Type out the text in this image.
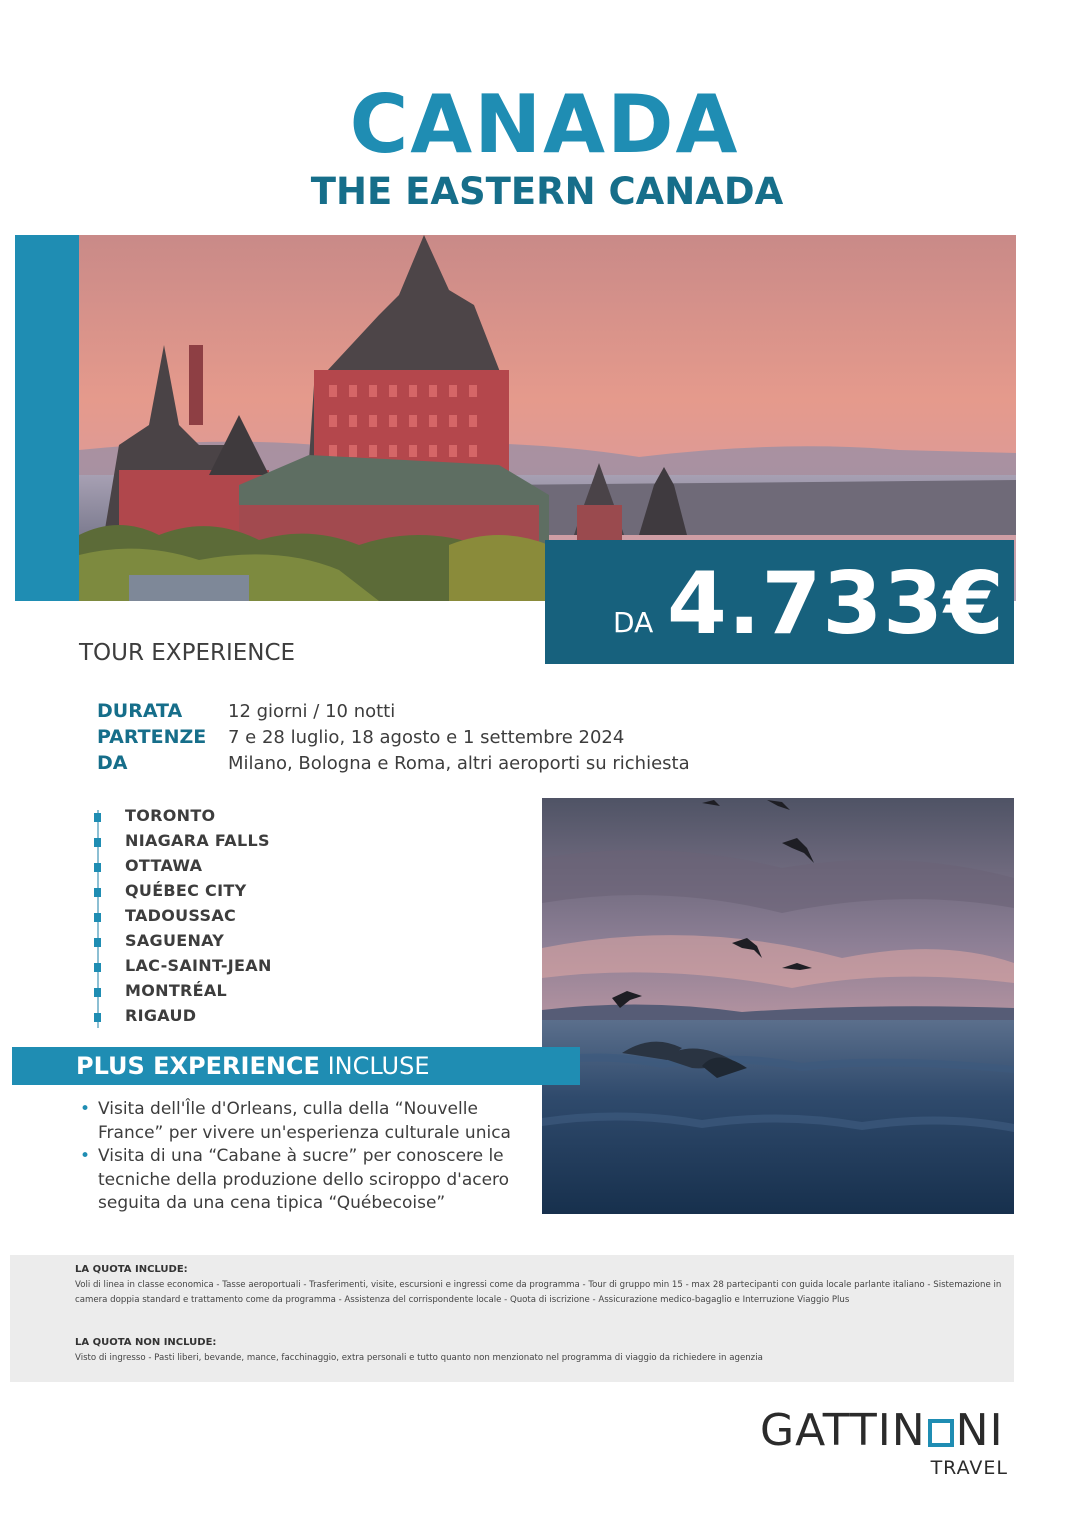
CANADA
THE EASTERN CANADA
DA 4.733€
TOUR EXPERIENCE
DURATA	12 giorni / 10 notti
PARTENZE 7 e 28 luglio, 18 agosto e 1 settembre 2024
DA	Milano, Bologna e Roma, altri aeroporti su richiesta
TORONTO
NIAGARA FALLS
OTTAWA
QUÉBEC CITY
TADOUSSAC
SAGUENAY
LAC-SAINT-JEAN
MONTRÉAL
RIGAUD
PLUS EXPERIENCE INCLUSE
• Visita dell'Île d'Orleans, culla della “Nouvelle France” per vivere un'esperienza culturale unica
• Visita di una “Cabane à sucre” per conoscere le tecniche della produzione dello sciroppo d'acero seguita da una cena tipica “Québecoise”
LA QUOTA INCLUDE:
Voli di linea in classe economica - Tasse aeroportuali - Trasferimenti, visite, escursioni e ingressi come da programma - Tour di gruppo min 15 - max 28 partecipanti con guida locale parlante italiano - Sistemazione in camera doppia standard e trattamento come da programma - Assistenza del corrispondente locale - Quota di iscrizione - Assicurazione medico-bagaglio e Interruzione Viaggio Plus
LA QUOTA NON INCLUDE:
Visto di ingresso - Pasti liberi, bevande, mance, facchinaggio, extra personali e tutto quanto non menzionato nel programma di viaggio da richiedere in agenzia
GATTIN NI
TRAVEL
